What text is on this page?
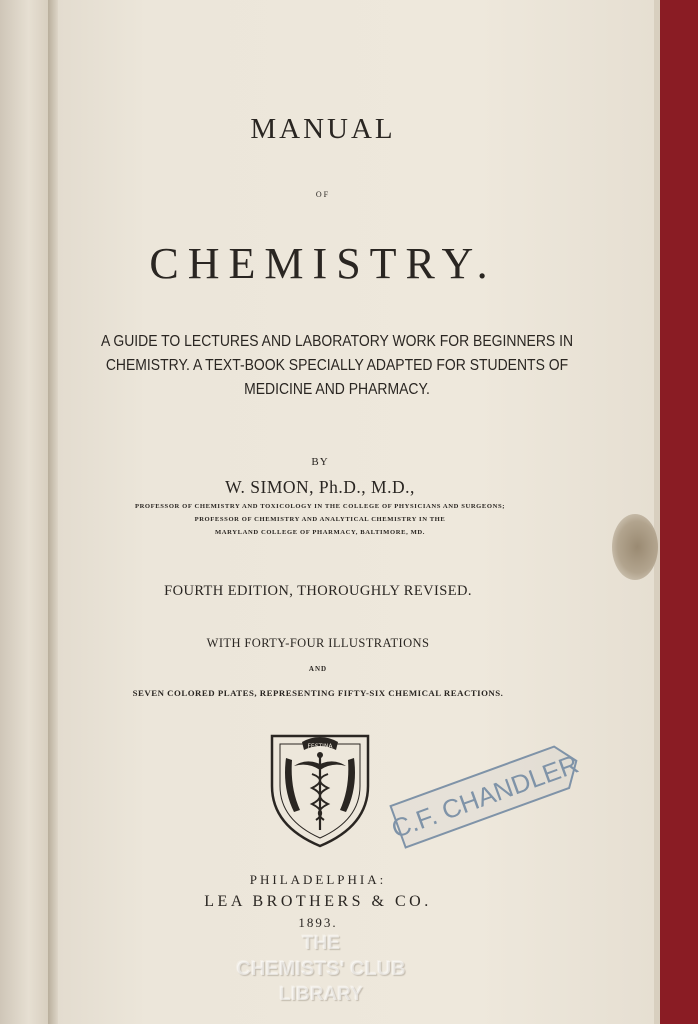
MANUAL
OF
CHEMISTRY.
A GUIDE TO LECTURES AND LABORATORY WORK FOR BEGINNERS IN CHEMISTRY. A TEXT-BOOK SPECIALLY ADAPTED FOR STUDENTS OF MEDICINE AND PHARMACY.
BY
W. SIMON, Ph.D., M.D.,
PROFESSOR OF CHEMISTRY AND TOXICOLOGY IN THE COLLEGE OF PHYSICIANS AND SURGEONS;
PROFESSOR OF CHEMISTRY AND ANALYTICAL CHEMISTRY IN THE
MARYLAND COLLEGE OF PHARMACY, BALTIMORE, MD.
FOURTH EDITION, THOROUGHLY REVISED.
WITH FORTY-FOUR ILLUSTRATIONS
AND
SEVEN COLORED PLATES, REPRESENTING FIFTY-SIX CHEMICAL REACTIONS.
FESTINA
C.F. CHANDLER
PHILADELPHIA:
LEA BROTHERS & CO.
1893.
THE
CHEMISTS' CLUB
LIBRARY
